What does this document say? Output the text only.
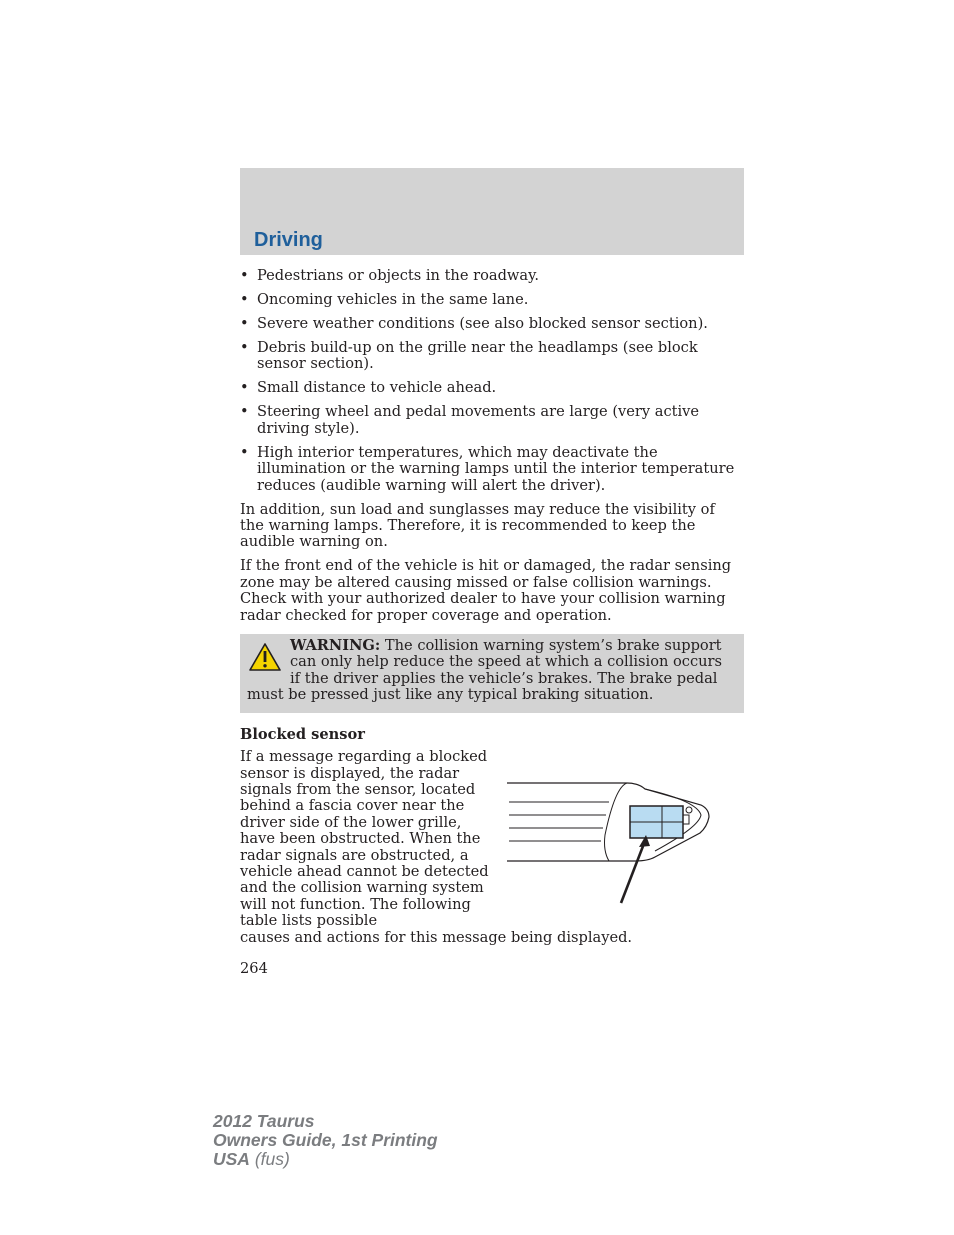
Driving
• Pedestrians or objects in the roadway.
• Oncoming vehicles in the same lane.
• Severe weather conditions (see also blocked sensor section).
• Debris build-up on the grille near the headlamps (see block sensor section).
• Small distance to vehicle ahead.
• Steering wheel and pedal movements are large (very active driving style).
• High interior temperatures, which may deactivate the illumination or the warning lamps until the interior temperature reduces (audible warning will alert the driver).

In addition, sun load and sunglasses may reduce the visibility of the warning lamps. Therefore, it is recommended to keep the audible warning on.

If the front end of the vehicle is hit or damaged, the radar sensing zone may be altered causing missed or false collision warnings. Check with your authorized dealer to have your collision warning radar checked for proper coverage and operation.

WARNING: The collision warning system’s brake support can only help reduce the speed at which a collision occurs if the driver applies the vehicle’s brakes. The brake pedal must be pressed just like any typical braking situation.
Blocked sensor
If a message regarding a blocked sensor is displayed, the radar signals from the sensor, located behind a fascia cover near the driver side of the lower grille, have been obstructed. When the radar signals are obstructed, a vehicle ahead cannot be detected and the collision warning system will not function. The following table lists possible
causes and actions for this message being displayed.
264
2012 Taurus
Owners Guide, 1st Printing
USA (fus)
